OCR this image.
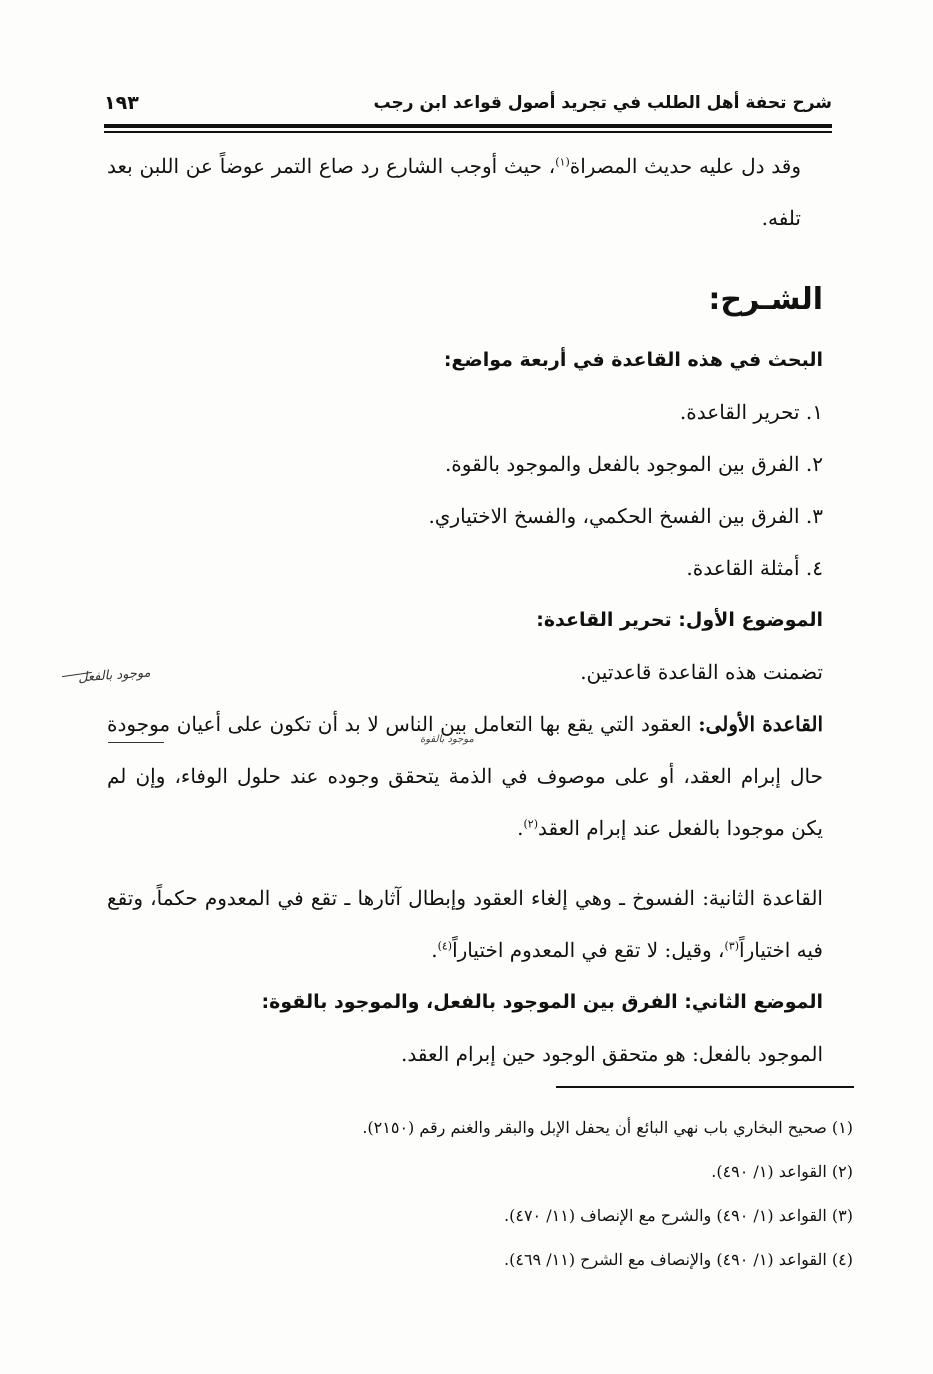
شرح تحفة أهل الطلب في تجريد أصول قواعد ابن رجب
١٩٣

وقد دل عليه حديث المصراة$^{(١)}$، حيث أوجب الشارع رد صاع التمر عوضاً عن اللبن بعد تلفه.

الشـرح:

البحث في هذه القاعدة في أربعة مواضع:

١. تحرير القاعدة.

٢. الفرق بين الموجود بالفعل والموجود بالقوة.

٣. الفرق بين الفسخ الحكمي، والفسخ الاختياري.

٤. أمثلة القاعدة.

الموضوع الأول: تحرير القاعدة:

تضمنت هذه القاعدة قاعدتين.

القاعدة الأولى: العقود التي يقع بها التعامل بين الناس لا بد أن تكون على أعيان موجودة حال إبرام العقد، أو على موصوف في الذمة يتحقق وجوده عند حلول الوفاء، وإن لم يكن موجودا بالفعل عند إبرام العقد$^{(٢)}$.

القاعدة الثانية: الفسوخ ـ وهي إلغاء العقود وإبطال آثارها ـ تقع في المعدوم حكماً، وتقع فيه اختياراً$^{(٣)}$، وقيل: لا تقع في المعدوم اختياراً$^{(٤)}$.

الموضع الثاني: الفرق بين الموجود بالفعل، والموجود بالقوة:

الموجود بالفعل: هو متحقق الوجود حين إبرام العقد.

موجود بالفعل
موجود بالقوة

(١) صحيح البخاري باب نهي البائع أن يحفل الإبل والبقر والغنم رقم (٢١٥٠).

(٢) القواعد (١/ ٤٩٠).

(٣) القواعد (١/ ٤٩٠) والشرح مع الإنصاف (١١/ ٤٧٠).

(٤) القواعد (١/ ٤٩٠) والإنصاف مع الشرح (١١/ ٤٦٩).
